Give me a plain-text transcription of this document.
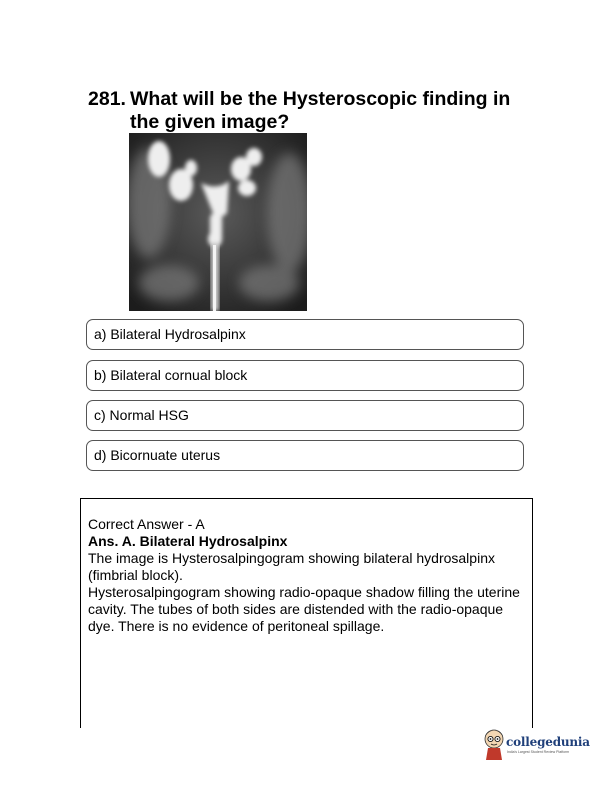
281. What will be the Hysteroscopic finding in the given image?
a) Bilateral Hydrosalpinx
b) Bilateral cornual block
c) Normal HSG
d) Bicornuate uterus

Correct Answer - A

Ans. A. Bilateral Hydrosalpinx

The image is Hysterosalpingogram showing bilateral hydrosalpinx (fimbrial block).

Hysterosalpingogram showing radio-opaque shadow filling the uterine cavity. The tubes of both sides are distended with the radio-opaque dye. There is no evidence of peritoneal spillage.

collegedunia
India's Largest Student Review Platform
